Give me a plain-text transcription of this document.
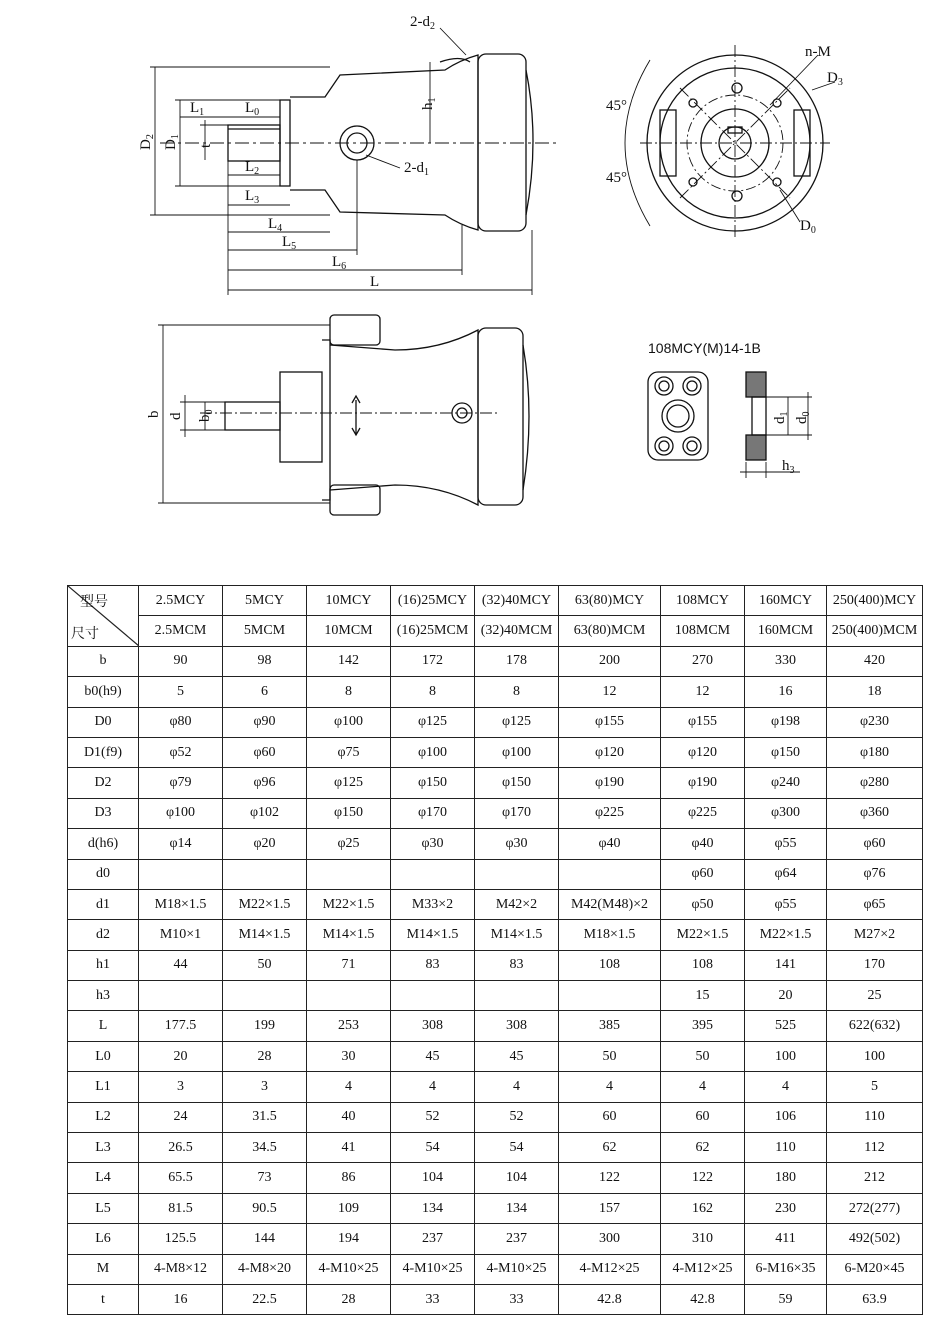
$2-d_2$
$2-d_1$
$h_1$
$L_1$	$L_0$
$L_2$
$L_3$
$L_4$
$L_5$
$L_6$
L
t
$D_2$
$D_1$
n-M
$D_3$
$D_0$
45°
45°
b d $b_0$
$d_1$
$d_0$
$h_3$
108MCY(M)14-1B
型号
尺寸	2.5MCY	5MCY	10MCY	(16)25MCY	(32)40MCY	63(80)MCY	108MCY	160MCY	250(400)MCY
	2.5MCM	5MCM	10MCM	(16)25MCM	(32)40MCM	63(80)MCM	108MCM	160MCM	250(400)MCM
b	90	98	142	172	178	200	270	330	420
b0(h9)	5	6	8	8	8	12	12	16	18
D0	φ80	φ90	φ100	φ125	φ125	φ155	φ155	φ198	φ230
D1(f9)	φ52	φ60	φ75	φ100	φ100	φ120	φ120	φ150	φ180
D2	φ79	φ96	φ125	φ150	φ150	φ190	φ190	φ240	φ280
D3	φ100	φ102	φ150	φ170	φ170	φ225	φ225	φ300	φ360
d(h6)	φ14	φ20	φ25	φ30	φ30	φ40	φ40	φ55	φ60
d0							φ60	φ64	φ76
d1	M18×1.5	M22×1.5	M22×1.5	M33×2	M42×2	M42(M48)×2	φ50	φ55	φ65
d2	M10×1	M14×1.5	M14×1.5	M14×1.5	M14×1.5	M18×1.5	M22×1.5	M22×1.5	M27×2
h1	44	50	71	83	83	108	108	141	170
h3							15	20	25
L	177.5	199	253	308	308	385	395	525	622(632)
L0	20	28	30	45	45	50	50	100	100
L1	3	3	4	4	4	4	4	4	5
L2	24	31.5	40	52	52	60	60	106	110
L3	26.5	34.5	41	54	54	62	62	110	112
L4	65.5	73	86	104	104	122	122	180	212
L5	81.5	90.5	109	134	134	157	162	230	272(277)
L6	125.5	144	194	237	237	300	310	411	492(502)
M	4-M8×12	4-M8×20	4-M10×25	4-M10×25	4-M10×25	4-M12×25	4-M12×25	6-M16×35	6-M20×45
t	16	22.5	28	33	33	42.8	42.8	59	63.9
